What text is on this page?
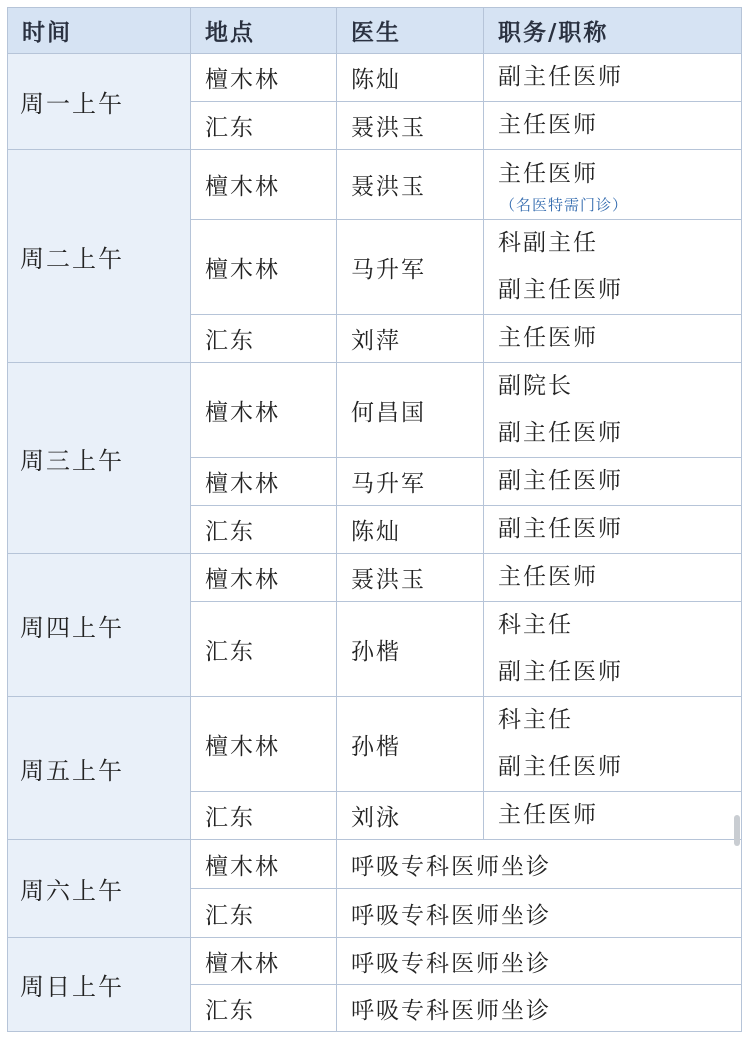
时间	地点	医生	职务/职称
周一上午	檀木林	陈灿	副主任医师

	汇东	聂洪玉	主任医师

周二上午	檀木林	聂洪玉	主任医师
（名医特需门诊）

	檀木林	马升军	科副主任
副主任医师

	汇东	刘萍	主任医师

周三上午	檀木林	何昌国	副院长
副主任医师

	檀木林	马升军	副主任医师

	汇东	陈灿	副主任医师

周四上午	檀木林	聂洪玉	主任医师

	汇东	孙楷	科主任
副主任医师

周五上午	檀木林	孙楷	科主任
副主任医师

	汇东	刘泳	主任医师

周六上午	檀木林	呼吸专科医师坐诊	
	汇东	呼吸专科医师坐诊	
周日上午	檀木林	呼吸专科医师坐诊	
	汇东	呼吸专科医师坐诊	
